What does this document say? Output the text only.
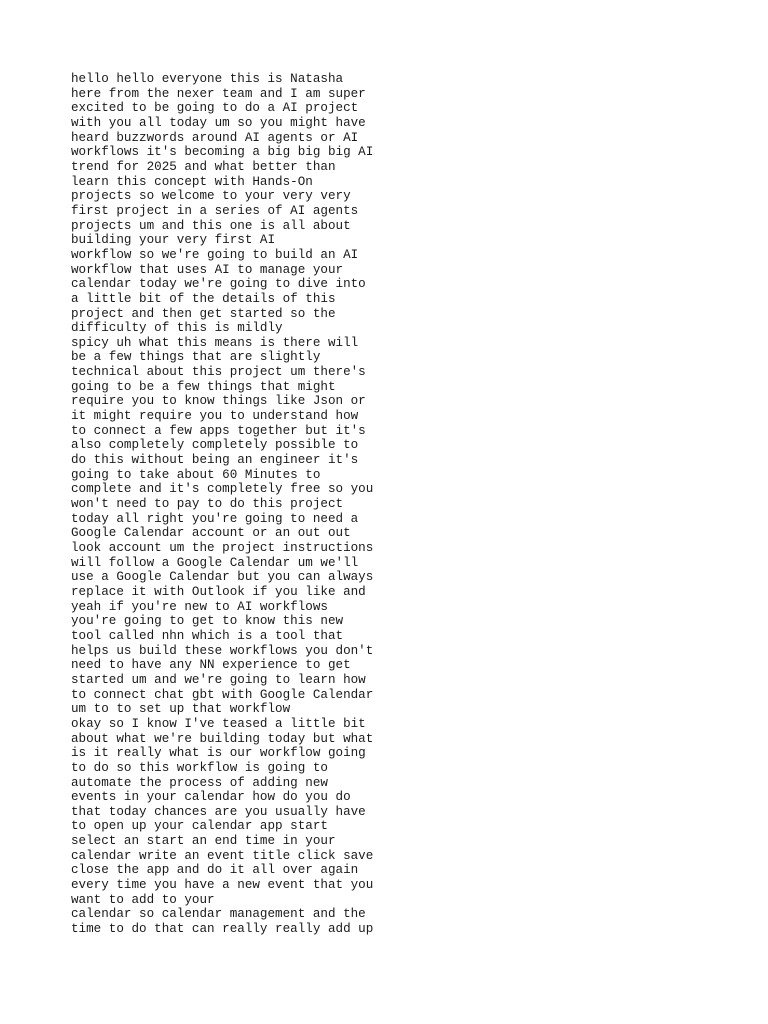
hello hello everyone this is Natasha
here from the nexer team and I am super
excited to be going to do a AI project
with you all today um so you might have
heard buzzwords around AI agents or AI
workflows it's becoming a big big big AI
trend for 2025 and what better than
learn this concept with Hands-On
projects so welcome to your very very
first project in a series of AI agents
projects um and this one is all about
building your very first AI
workflow so we're going to build an AI
workflow that uses AI to manage your
calendar today we're going to dive into
a little bit of the details of this
project and then get started so the
difficulty of this is mildly
spicy uh what this means is there will
be a few things that are slightly
technical about this project um there's
going to be a few things that might
require you to know things like Json or
it might require you to understand how
to connect a few apps together but it's
also completely completely possible to
do this without being an engineer it's
going to take about 60 Minutes to
complete and it's completely free so you
won't need to pay to do this project
today all right you're going to need a
Google Calendar account or an out out
look account um the project instructions
will follow a Google Calendar um we'll
use a Google Calendar but you can always
replace it with Outlook if you like and
yeah if you're new to AI workflows
you're going to get to know this new
tool called nhn which is a tool that
helps us build these workflows you don't
need to have any NN experience to get
started um and we're going to learn how
to connect chat gbt with Google Calendar
um to to set up that workflow
okay so I know I've teased a little bit
about what we're building today but what
is it really what is our workflow going
to do so this workflow is going to
automate the process of adding new
events in your calendar how do you do
that today chances are you usually have
to open up your calendar app start
select an start an end time in your
calendar write an event title click save
close the app and do it all over again
every time you have a new event that you
want to add to your
calendar so calendar management and the
time to do that can really really add up
